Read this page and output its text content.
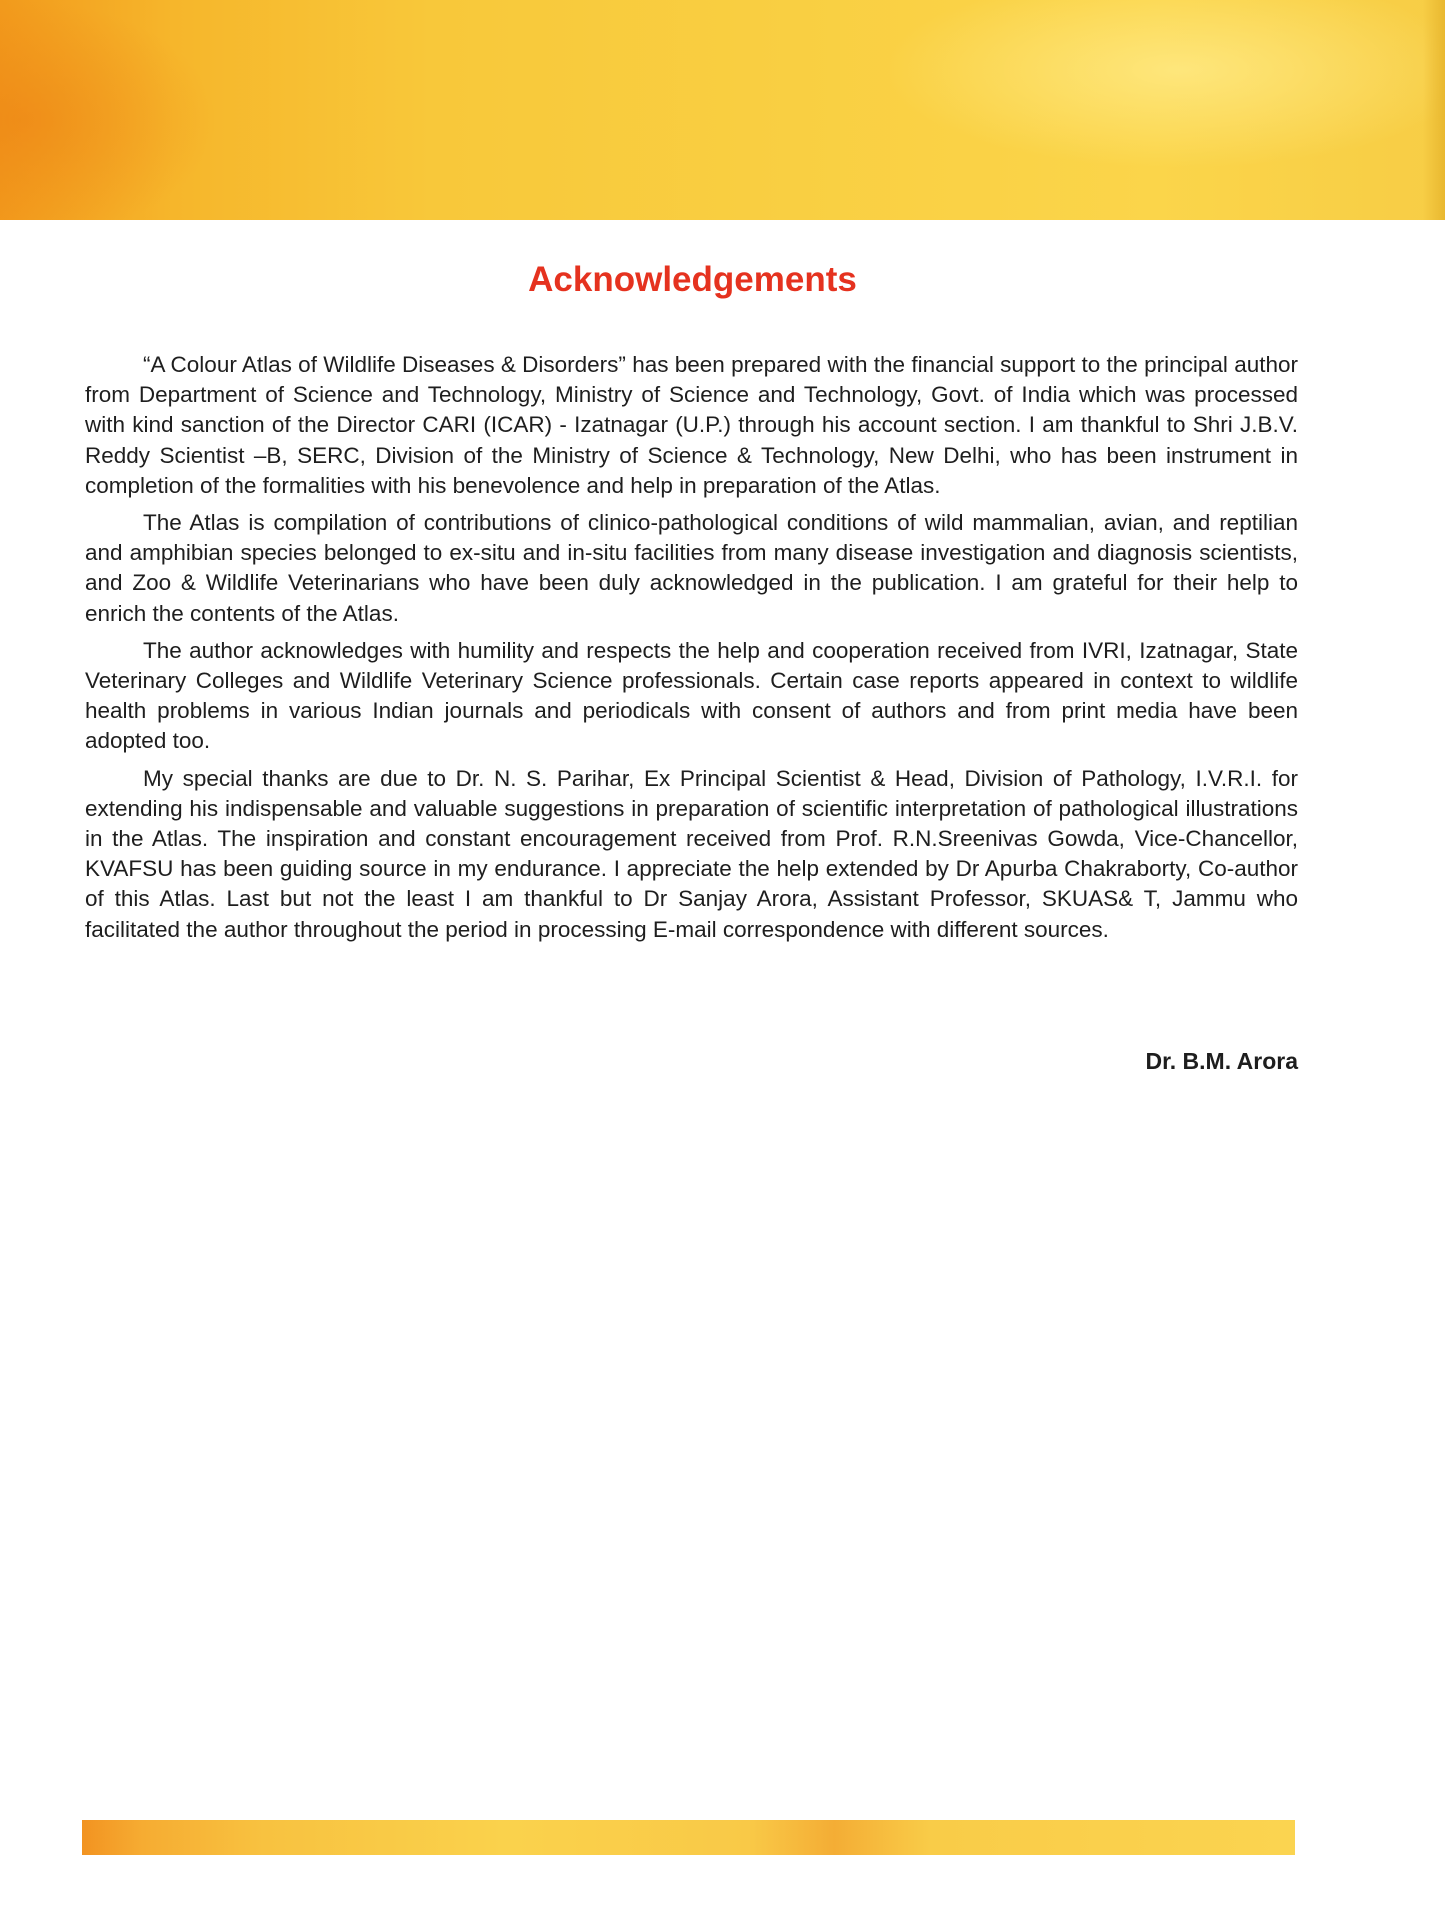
Acknowledgements

“A Colour Atlas of Wildlife Diseases & Disorders” has been prepared with the financial support to the principal author from Department of Science and Technology, Ministry of Science and Technology, Govt. of India which was processed with kind sanction of the Director CARI (ICAR) - Izatnagar (U.P.) through his account section. I am thankful to Shri J.B.V. Reddy Scientist –B, SERC, Division of the Ministry of Science & Technology, New Delhi, who has been instrument in completion of the formalities with his benevolence and help in preparation of the Atlas.

The Atlas is compilation of contributions of clinico-pathological conditions of wild mammalian, avian, and reptilian and amphibian species belonged to ex-situ and in-situ facilities from many disease investigation and diagnosis scientists, and Zoo & Wildlife Veterinarians who have been duly acknowledged in the publication. I am grateful for their help to enrich the contents of the Atlas.

The author acknowledges with humility and respects the help and cooperation received from IVRI, Izatnagar, State Veterinary Colleges and Wildlife Veterinary Science professionals. Certain case reports appeared in context to wildlife health problems in various Indian journals and periodicals with consent of authors and from print media have been adopted too.

My special thanks are due to Dr. N. S. Parihar, Ex Principal Scientist & Head, Division of Pathology, I.V.R.I. for extending his indispensable and valuable suggestions in preparation of scientific interpretation of pathological illustrations in the Atlas. The inspiration and constant encouragement received from Prof. R.N.Sreenivas Gowda, Vice-Chancellor, KVAFSU has been guiding source in my endurance. I appreciate the help extended by Dr Apurba Chakraborty, Co-author of this Atlas. Last but not the least I am thankful to Dr Sanjay Arora, Assistant Professor, SKUAS& T, Jammu who facilitated the author throughout the period in processing E-mail correspondence with different sources.

Dr. B.M. Arora
